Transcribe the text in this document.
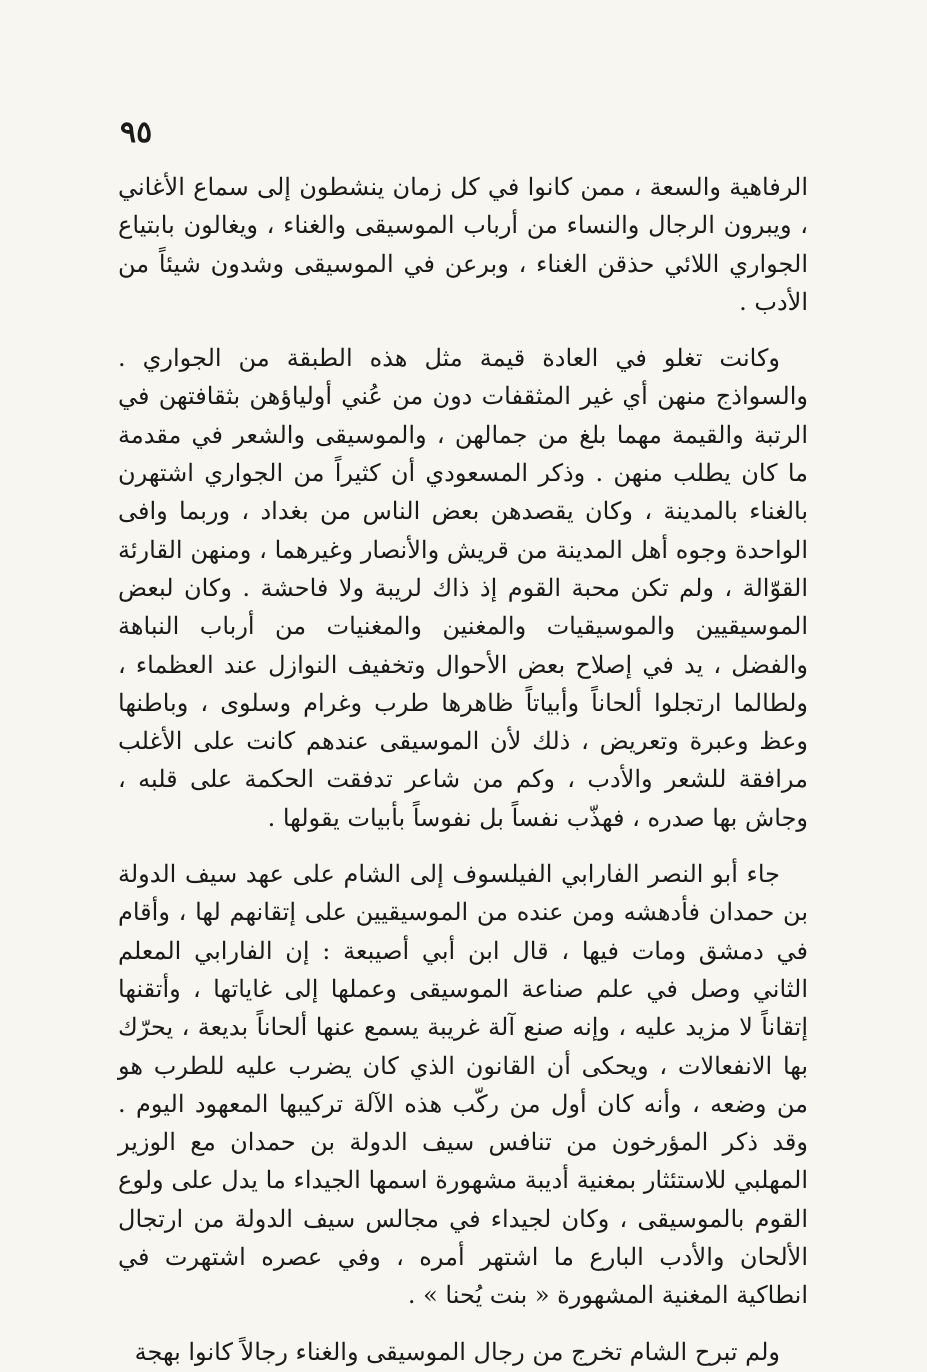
٩٥

الرفاهية والسعة ، ممن كانوا في كل زمان ينشطون إلى سماع الأغاني ، ويبرون الرجال والنساء من أرباب الموسيقى والغناء ، ويغالون بابتياع الجواري اللائي حذقن الغناء ، وبرعن في الموسيقى وشدون شيئاً من الأدب .

وكانت تغلو في العادة قيمة مثل هذه الطبقة من الجواري . والسواذج منهن أي غير المثقفات دون من عُني أولياؤهن بثقافتهن في الرتبة والقيمة مهما بلغ من جمالهن ، والموسيقى والشعر في مقدمة ما كان يطلب منهن . وذكر المسعودي أن كثيراً من الجواري اشتهرن بالغناء بالمدينة ، وكان يقصدهن بعض الناس من بغداد ، وربما وافى الواحدة وجوه أهل المدينة من قريش والأنصار وغيرهما ، ومنهن القارئة القوّالة ، ولم تكن محبة القوم إذ ذاك لريبة ولا فاحشة . وكان لبعض الموسيقيين والموسيقيات والمغنين والمغنيات من أرباب النباهة والفضل ، يد في إصلاح بعض الأحوال وتخفيف النوازل عند العظماء ، ولطالما ارتجلوا ألحاناً وأبياتاً ظاهرها طرب وغرام وسلوى ، وباطنها وعظ وعبرة وتعريض ، ذلك لأن الموسيقى عندهم كانت على الأغلب مرافقة للشعر والأدب ، وكم من شاعر تدفقت الحكمة على قلبه ، وجاش بها صدره ، فهذّب نفساً بل نفوساً بأبيات يقولها .

جاء أبو النصر الفارابي الفيلسوف إلى الشام على عهد سيف الدولة بن حمدان فأدهشه ومن عنده من الموسيقيين على إتقانهم لها ، وأقام في دمشق ومات فيها ، قال ابن أبي أصيبعة : إن الفارابي المعلم الثاني وصل في علم صناعة الموسيقى وعملها إلى غاياتها ، وأتقنها إتقاناً لا مزيد عليه ، وإنه صنع آلة غريبة يسمع عنها ألحاناً بديعة ، يحرّك بها الانفعالات ، ويحكى أن القانون الذي كان يضرب عليه للطرب هو من وضعه ، وأنه كان أول من ركّب هذه الآلة تركيبها المعهود اليوم . وقد ذكر المؤرخون من تنافس سيف الدولة بن حمدان مع الوزير المهلبي للاستئثار بمغنية أديبة مشهورة اسمها الجيداء ما يدل على ولوع القوم بالموسيقى ، وكان لجيداء في مجالس سيف الدولة من ارتجال الألحان والأدب البارع ما اشتهر أمره ، وفي عصره اشتهرت في انطاكية المغنية المشهورة « بنت يُحنا » .

ولم تبرح الشام تخرج من رجال الموسيقى والغناء رجالاً كانوا بهجة
